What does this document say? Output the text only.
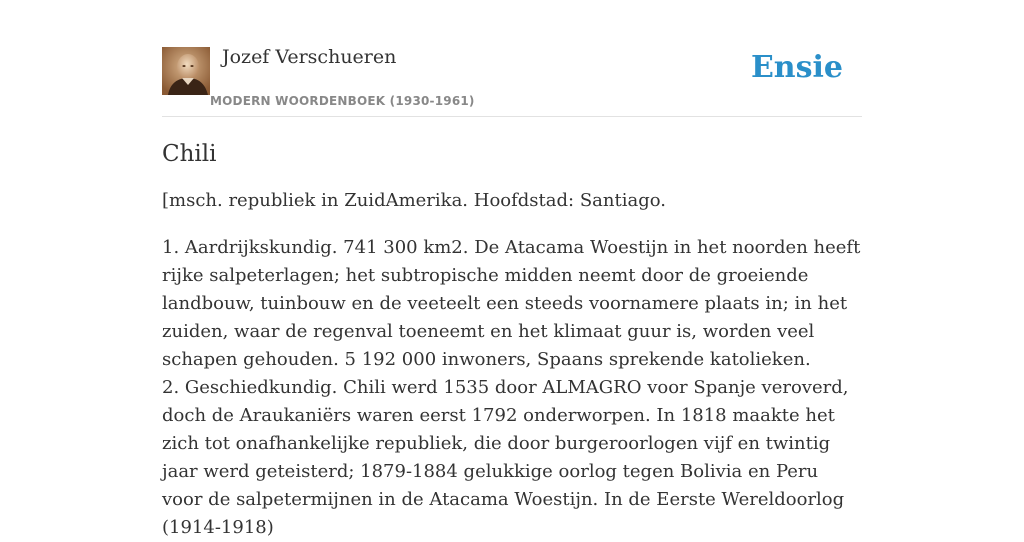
Jozef Verschueren
MODERN WOORDENBOEK (1930-1961)
Ensie
Chili

[msch. republiek in ZuidAmerika. Hoofdstad: Santiago.

1. Aardrijkskundig. 741 300 km2. De Atacama Woestijn in het noorden heeft rijke salpeterlagen; het subtropische midden neemt door de groeiende landbouw, tuinbouw en de veeteelt een steeds voornamere plaats in; in het zuiden, waar de regenval toeneemt en het klimaat guur is, worden veel schapen gehouden. 5 192 000 inwoners, Spaans sprekende katolieken.

2. Geschiedkundig. Chili werd 1535 door ALMAGRO voor Spanje veroverd, doch de Araukaniërs waren eerst 1792 onderworpen. In 1818 maakte het zich tot onafhankelijke republiek, die door burgeroorlogen vijf en twintig jaar werd geteisterd; 1879-1884 gelukkige oorlog tegen Bolivia en Peru voor de salpetermijnen in de Atacama Woestijn. In de Eerste Wereldoorlog (1914-1918)
